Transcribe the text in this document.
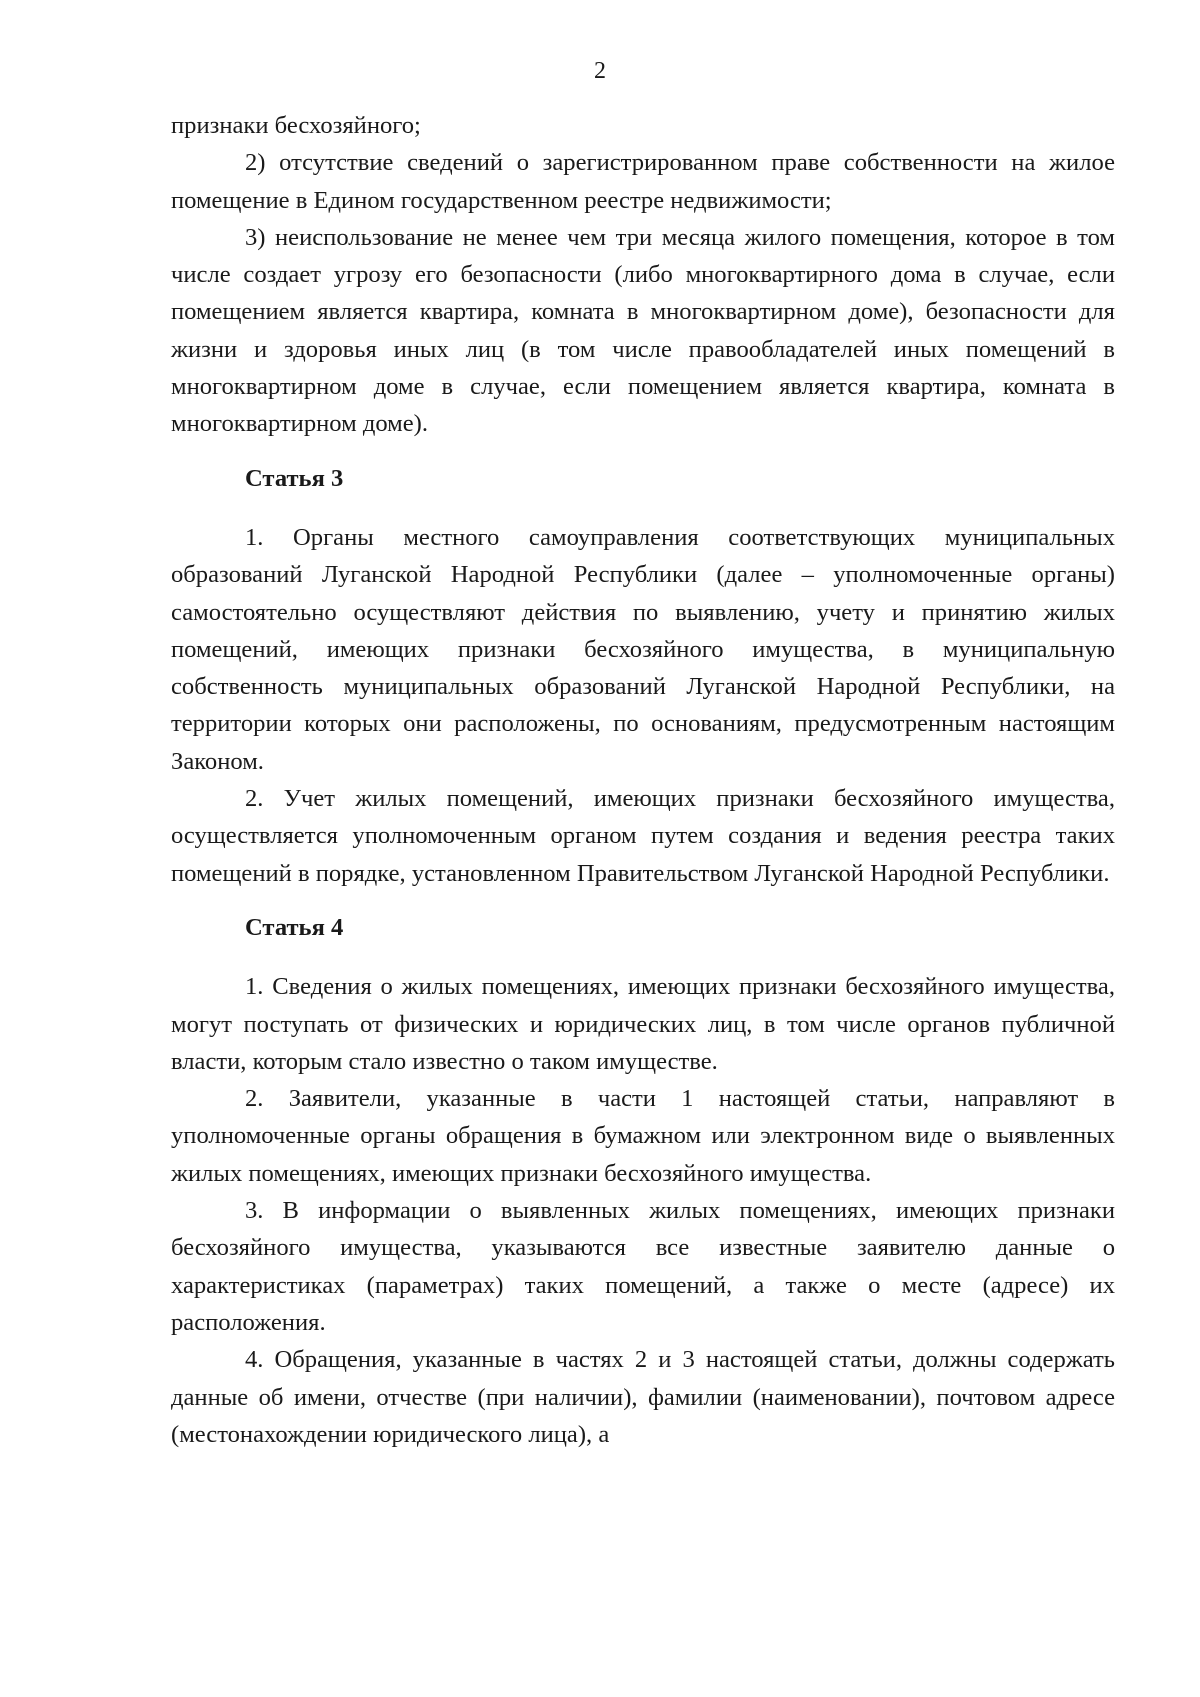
2

признаки бесхозяйного;

2) отсутствие сведений о зарегистрированном праве собственности на жилое помещение в Едином государственном реестре недвижимости;

3) неиспользование не менее чем три месяца жилого помещения, которое в том числе создает угрозу его безопасности (либо многоквартирного дома в случае, если помещением является квартира, комната в многоквартирном доме), безопасности для жизни и здоровья иных лиц (в том числе правообладателей иных помещений в многоквартирном доме в случае, если помещением является квартира, комната в многоквартирном доме).

Статья 3

1. Органы местного самоуправления соответствующих муниципальных образований Луганской Народной Республики (далее – уполномоченные органы) самостоятельно осуществляют действия по выявлению, учету и принятию жилых помещений, имеющих признаки бесхозяйного имущества, в муниципальную собственность муниципальных образований Луганской Народной Республики, на территории которых они расположены, по основаниям, предусмотренным настоящим Законом.

2. Учет жилых помещений, имеющих признаки бесхозяйного имущества, осуществляется уполномоченным органом путем создания и ведения реестра таких помещений в порядке, установленном Правительством Луганской Народной Республики.

Статья 4

1. Сведения о жилых помещениях, имеющих признаки бесхозяйного имущества, могут поступать от физических и юридических лиц, в том числе органов публичной власти, которым стало известно о таком имуществе.

2. Заявители, указанные в части 1 настоящей статьи, направляют в уполномоченные органы обращения в бумажном или электронном виде о выявленных жилых помещениях, имеющих признаки бесхозяйного имущества.

3. В информации о выявленных жилых помещениях, имеющих признаки бесхозяйного имущества, указываются все известные заявителю данные о характеристиках (параметрах) таких помещений, а также о месте (адресе) их расположения.

4. Обращения, указанные в частях 2 и 3 настоящей статьи, должны содержать данные об имени, отчестве (при наличии), фамилии (наименовании), почтовом адресе (местонахождении юридического лица), а
